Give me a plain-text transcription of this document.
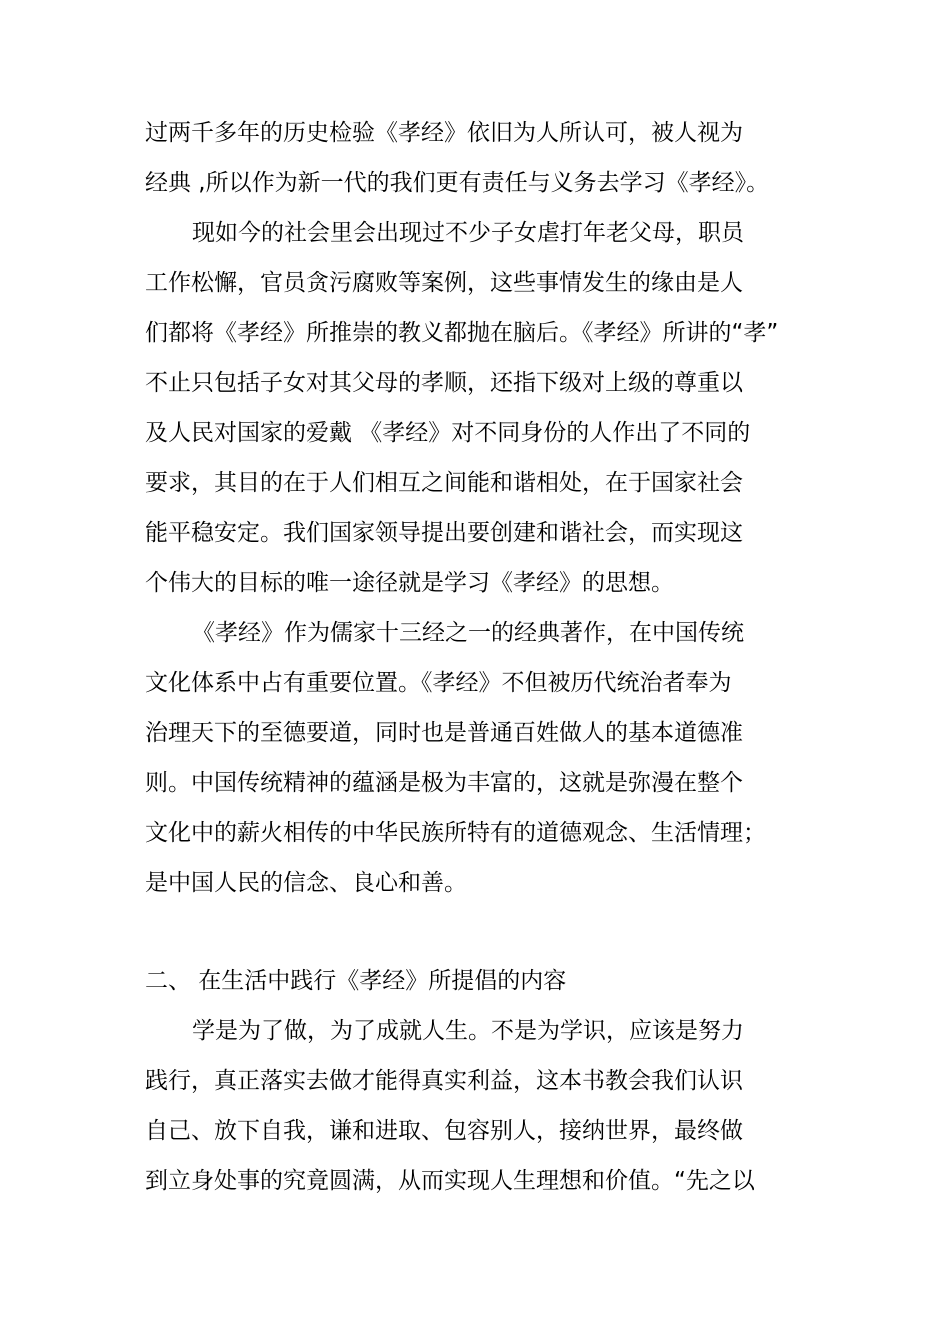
过两千多年的历史检验《孝经》依旧为人所认可，被人视为
经典 ,所以作为新一代的我们更有责任与义务去学习《孝经》。
现如今的社会里会出现过不少子女虐打年老父母，职员
工作松懈，官员贪污腐败等案例，这些事情发生的缘由是人
们都将《孝经》所推崇的教义都抛在脑后。《孝经》所讲的“孝”
不止只包括子女对其父母的孝顺，还指下级对上级的尊重以
及人民对国家的爱戴 《孝经》对不同身份的人作出了不同的
要求，其目的在于人们相互之间能和谐相处，在于国家社会
能平稳安定。我们国家领导提出要创建和谐社会，而实现这
个伟大的目标的唯一途径就是学习《孝经》的思想。
《孝经》作为儒家十三经之一的经典著作，在中国传统
文化体系中占有重要位置。《孝经》不但被历代统治者奉为
治理天下的至德要道，同时也是普通百姓做人的基本道德准
则。中国传统精神的蕴涵是极为丰富的，这就是弥漫在整个
文化中的薪火相传的中华民族所特有的道德观念、生活情理；
是中国人民的信念、良心和善。
二、 在生活中践行《孝经》所提倡的内容
学是为了做，为了成就人生。不是为学识，应该是努力
践行，真正落实去做才能得真实利益，这本书教会我们认识
自己、放下自我，谦和进取、包容别人，接纳世界，最终做
到立身处事的究竟圆满，从而实现人生理想和价值。“先之以
